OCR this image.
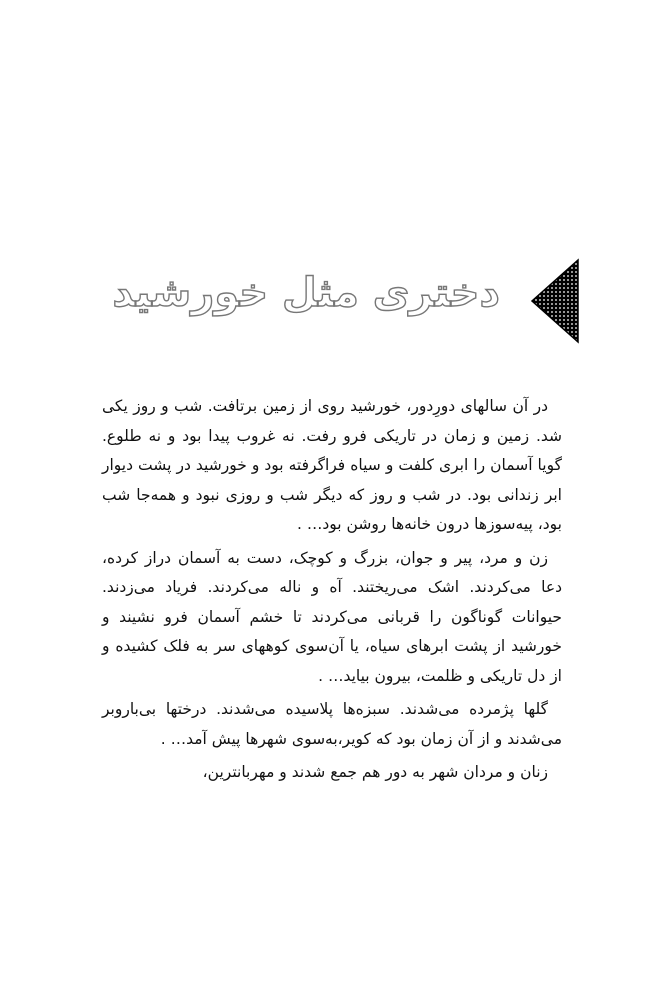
دختری مثل خورشید

در آن سالهای دورِدور، خورشید روی از زمین برتافت. شب و روز یکی شد. زمین و زمان در تاریکی فرو رفت. نه غروب پیدا بود و نه طلوع. گویا آسمان را ابری کلفت و سیاه فراگرفته بود و خورشید در پشت دیوار ابر زندانی بود. در شب و روز که دیگر شب و روزی نبود و همه‌جا شب بود، پیه‌سوزها درون خانه‌ها روشن بود… .

زن و مرد، پیر و جوان، بزرگ و کوچک، دست به آسمان دراز کرده، دعا می‌کردند. اشک می‌ریختند. آه و ناله می‌کردند. فریاد می‌زدند. حیوانات گوناگون را قربانی می‌کردند تا خشم آسمان فرو نشیند و خورشید از پشت ابرهای سیاه، یا آن‌سوی کوههای سر به فلک کشیده و از دل تاریکی و ظلمت، بیرون بیاید… .

گلها پژمرده می‌شدند. سبزه‌ها پلاسیده می‌شدند. درختها بی‌باروبر می‌شدند و از آن زمان بود که کویر،به‌سوی شهرها پیش آمد… .

زنان و مردان شهر به دور هم جمع شدند و مهربانترین،
